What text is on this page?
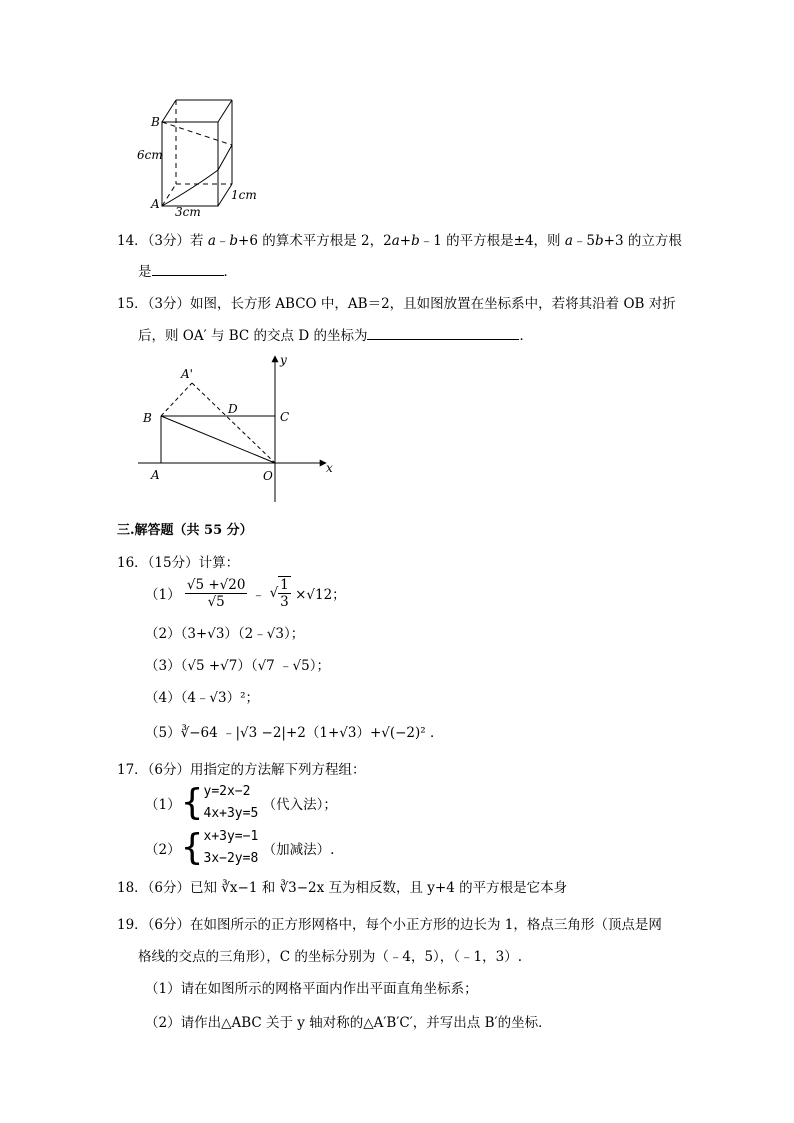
B
A
6cm
3cm
1cm
14．（3分）若 a﹣b+6 的算术平方根是 2，2a+b﹣1 的平方根是±4，则 a﹣5b+3 的立方根
是	．
15．（3分）如图，长方形 ABCO 中，AB＝2，且如图放置在坐标系中，若将其沿着 OB 对折
后，则 OA′ 与 BC 的交点 D 的坐标为	．
A'
B
D
C
A	O
x
y
三.解答题（共 55 分）
16．（15分）计算：
$(1) \frac{√5 +√20}{√5}$ ﹣ √ $\frac{1}{3} \times√12$；
（2）（3+√3）（2﹣√3）；
（3）（√5 +√7）（√7 ﹣√5）；
（4）（4﹣√3）²；
（5）∛−64 ﹣|√3 −2|+2（1+√3）+√(−2)² ．
17．（6分）用指定的方法解下列方程组：
（1）{y=2x−2
4x+3y=5 （代入法）；
（2）{x+3y=−1
3x−2y=8 （加减法）.
18．（6分）已知 ∛x−1 和 ∛3−2x 互为相反数，且 y+4 的平方根是它本身
19．（6分）在如图所示的正方形网格中，每个小正方形的边长为 1，格点三角形（顶点是网
格线的交点的三角形），C 的坐标分别为（﹣4，5），（﹣1，3）.
（1）请在如图所示的网格平面内作出平面直角坐标系；
（2）请作出△ABC 关于 y 轴对称的△A′B′C′，并写出点 B′的坐标．
